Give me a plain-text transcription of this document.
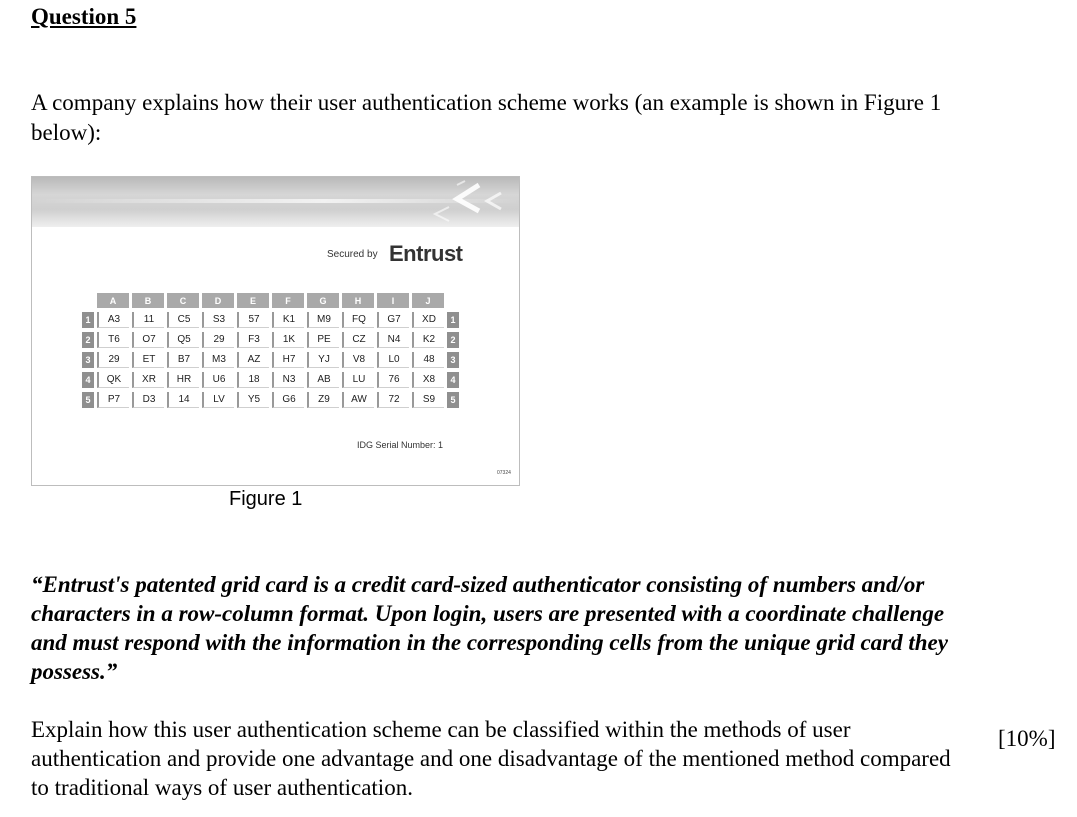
Question 5

A company explains how their user authentication scheme works (an example is shown in Figure 1 below):

Secured by Entrust
	A	B	C	D	E	F	G	H	I	J	
1	A3	11	C5	S3	57	K1	M9	FQ	G7	XD	1
2	T6	O7	Q5	29	F3	1K	PE	CZ	N4	K2	2
3	29	ET	B7	M3	AZ	H7	YJ	V8	L0	48	3
4	QK	XR	HR	U6	18	N3	AB	LU	76	X8	4
5	P7	D3	14	LV	Y5	G6	Z9	AW	72	S9	5
IDG Serial Number: 1
07324

Figure 1

“Entrust's patented grid card is a credit card-sized authenticator consisting of numbers and/or characters in a row-column format. Upon login, users are presented with a coordinate challenge and must respond with the information in the corresponding cells from the unique grid card they possess.”

Explain how this user authentication scheme can be classified within the methods of user authentication and provide one advantage and one disadvantage of the mentioned method compared to traditional ways of user authentication.

[10%]
